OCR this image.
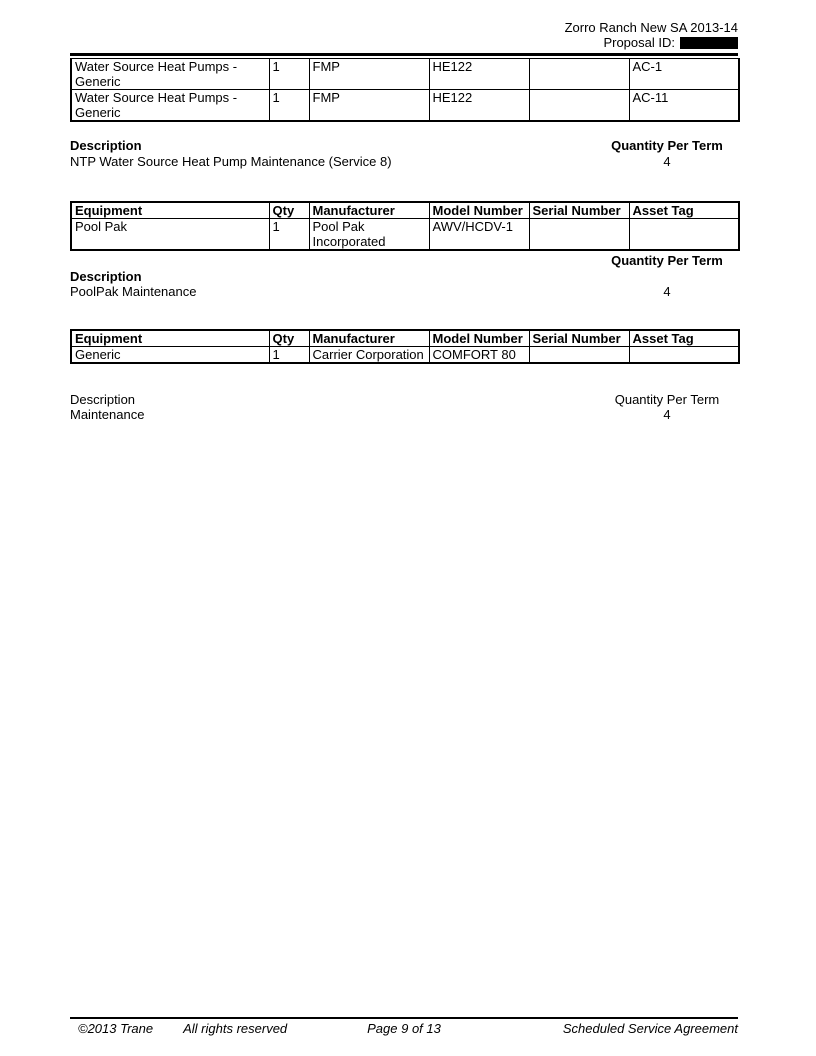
Zorro Ranch New SA 2013-14
Proposal ID:
Water Source Heat Pumps - Generic	1	FMP	HE122		AC-1
Water Source Heat Pumps - Generic	1	FMP	HE122		AC-11
Description	Quantity Per Term
NTP Water Source Heat Pump Maintenance (Service 8)	4
Equipment	Qty	Manufacturer	Model Number	Serial Number	Asset Tag
Pool Pak	1	Pool Pak Incorporated	AWV/HCDV-1		
Quantity Per Term
Description
PoolPak Maintenance	4
Equipment	Qty	Manufacturer	Model Number	Serial Number	Asset Tag
Generic	1	Carrier Corporation	COMFORT 80		
Description	Quantity Per Term
Maintenance	4
©2013 Trane All rights reserved	Page 9 of 13	Scheduled Service Agreement
